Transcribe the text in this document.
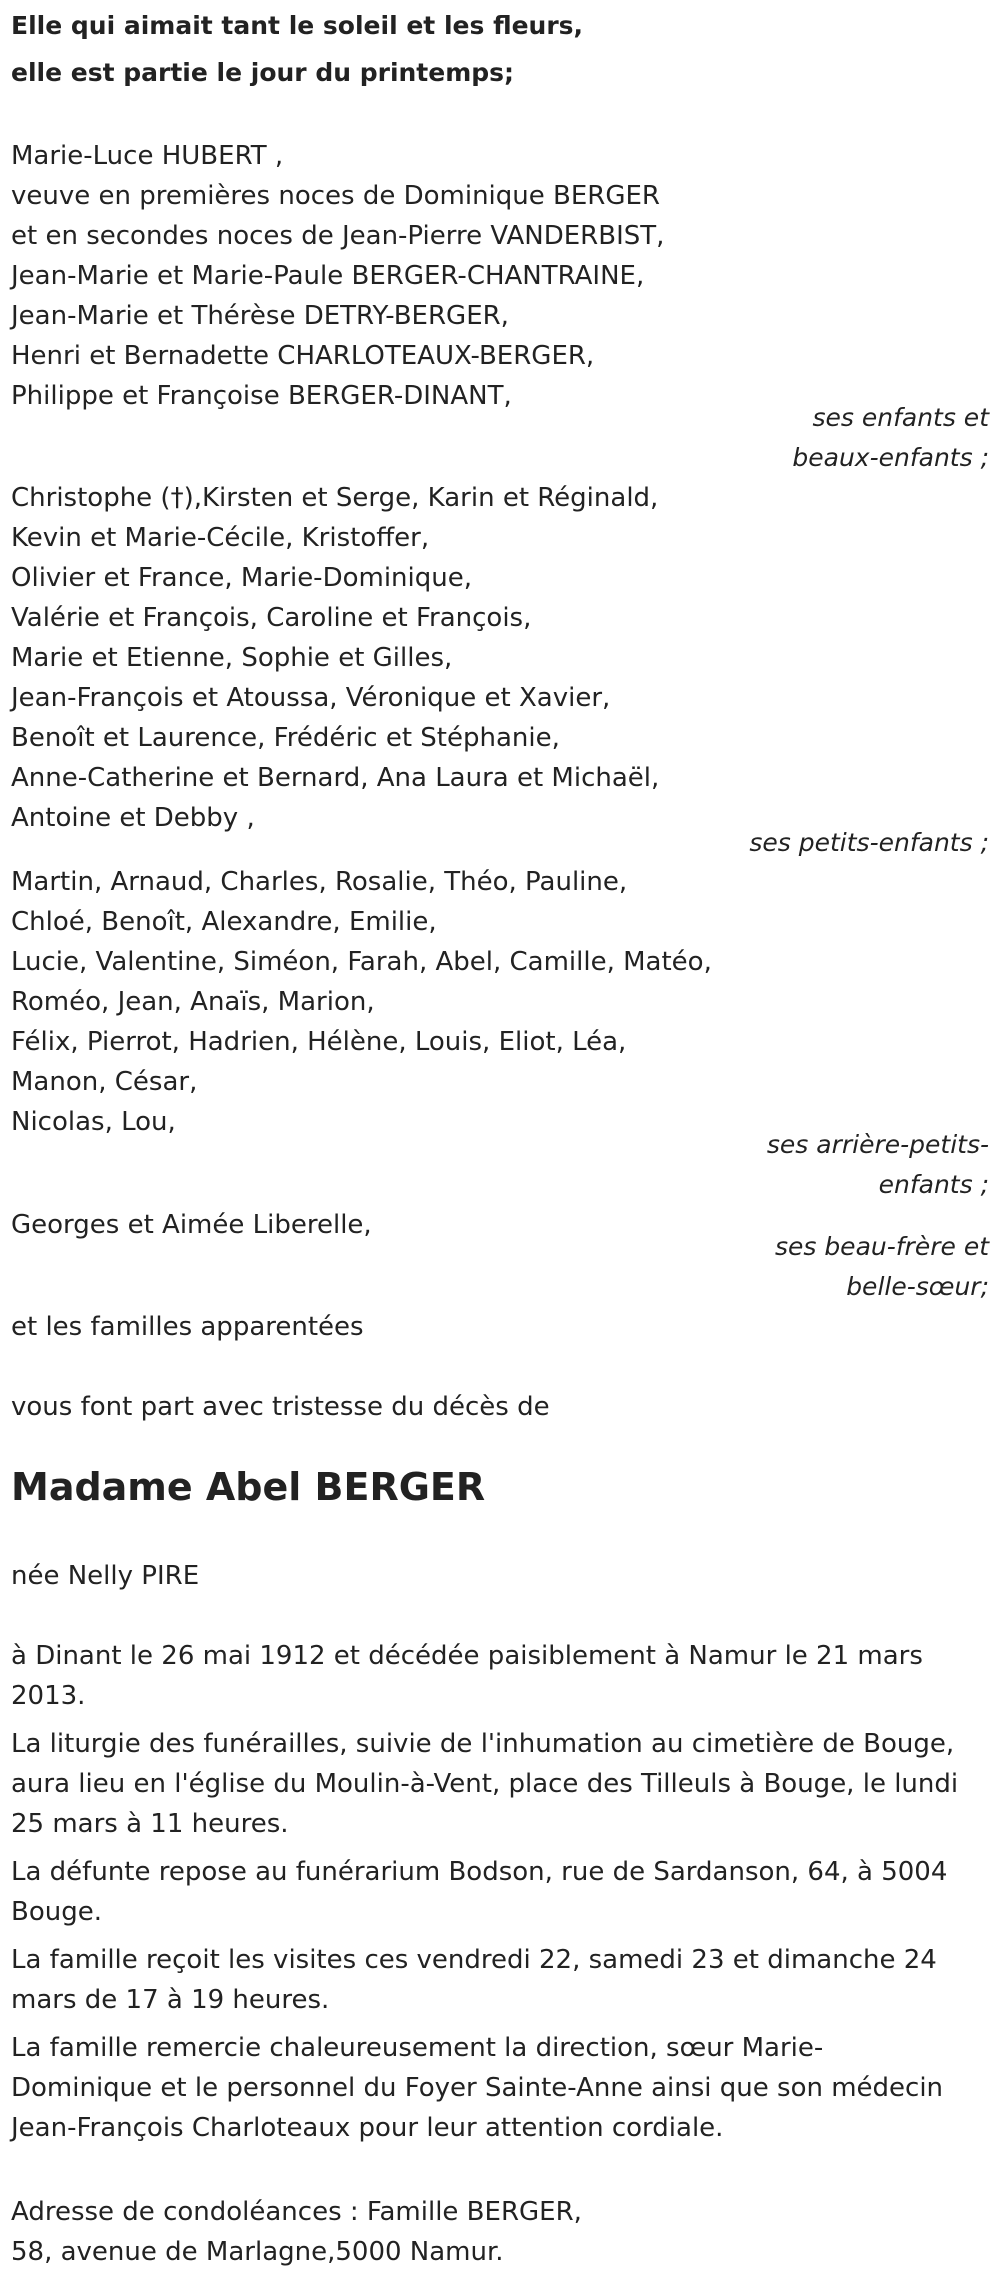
Elle qui aimait tant le soleil et les fleurs,
elle est partie le jour du printemps;
Marie-Luce HUBERT ,
veuve en premières noces de Dominique BERGER
et en secondes noces de Jean-Pierre VANDERBIST,
Jean-Marie et Marie-Paule BERGER-CHANTRAINE,
Jean-Marie et Thérèse DETRY-BERGER,
Henri et Bernadette CHARLOTEAUX-BERGER,
Philippe et Françoise BERGER-DINANT,
ses enfants et
beaux-enfants ;
Christophe (†),Kirsten et Serge, Karin et Réginald,
Kevin et Marie-Cécile, Kristoffer,
Olivier et France, Marie-Dominique,
Valérie et François, Caroline et François,
Marie et Etienne, Sophie et Gilles,
Jean-François et Atoussa, Véronique et Xavier,
Benoît et Laurence, Frédéric et Stéphanie,
Anne-Catherine et Bernard, Ana Laura et Michaël,
Antoine et Debby ,
ses petits-enfants ;
Martin, Arnaud, Charles, Rosalie, Théo, Pauline,
Chloé, Benoît, Alexandre, Emilie,
Lucie, Valentine, Siméon, Farah, Abel, Camille, Matéo,
Roméo, Jean, Anaïs, Marion,
Félix, Pierrot, Hadrien, Hélène, Louis, Eliot, Léa,
Manon, César,
Nicolas, Lou,
ses arrière-petits-
enfants ;
Georges et Aimée Liberelle,
ses beau-frère et
belle-sœur;
et les familles apparentées
vous font part avec tristesse du décès de
Madame Abel BERGER
née Nelly PIRE
à Dinant le 26 mai 1912 et décédée paisiblement à Namur le 21 mars
2013.
La liturgie des funérailles, suivie de l'inhumation au cimetière de Bouge,
aura lieu en l'église du Moulin-à-Vent, place des Tilleuls à Bouge, le lundi
25 mars à 11 heures.
La défunte repose au funérarium Bodson, rue de Sardanson, 64, à 5004
Bouge.
La famille reçoit les visites ces vendredi 22, samedi 23 et dimanche 24
mars de 17 à 19 heures.
La famille remercie chaleureusement la direction, sœur Marie-
Dominique et le personnel du Foyer Sainte-Anne ainsi que son médecin
Jean-François Charloteaux pour leur attention cordiale.
Adresse de condoléances : Famille BERGER,
58, avenue de Marlagne,5000 Namur.
